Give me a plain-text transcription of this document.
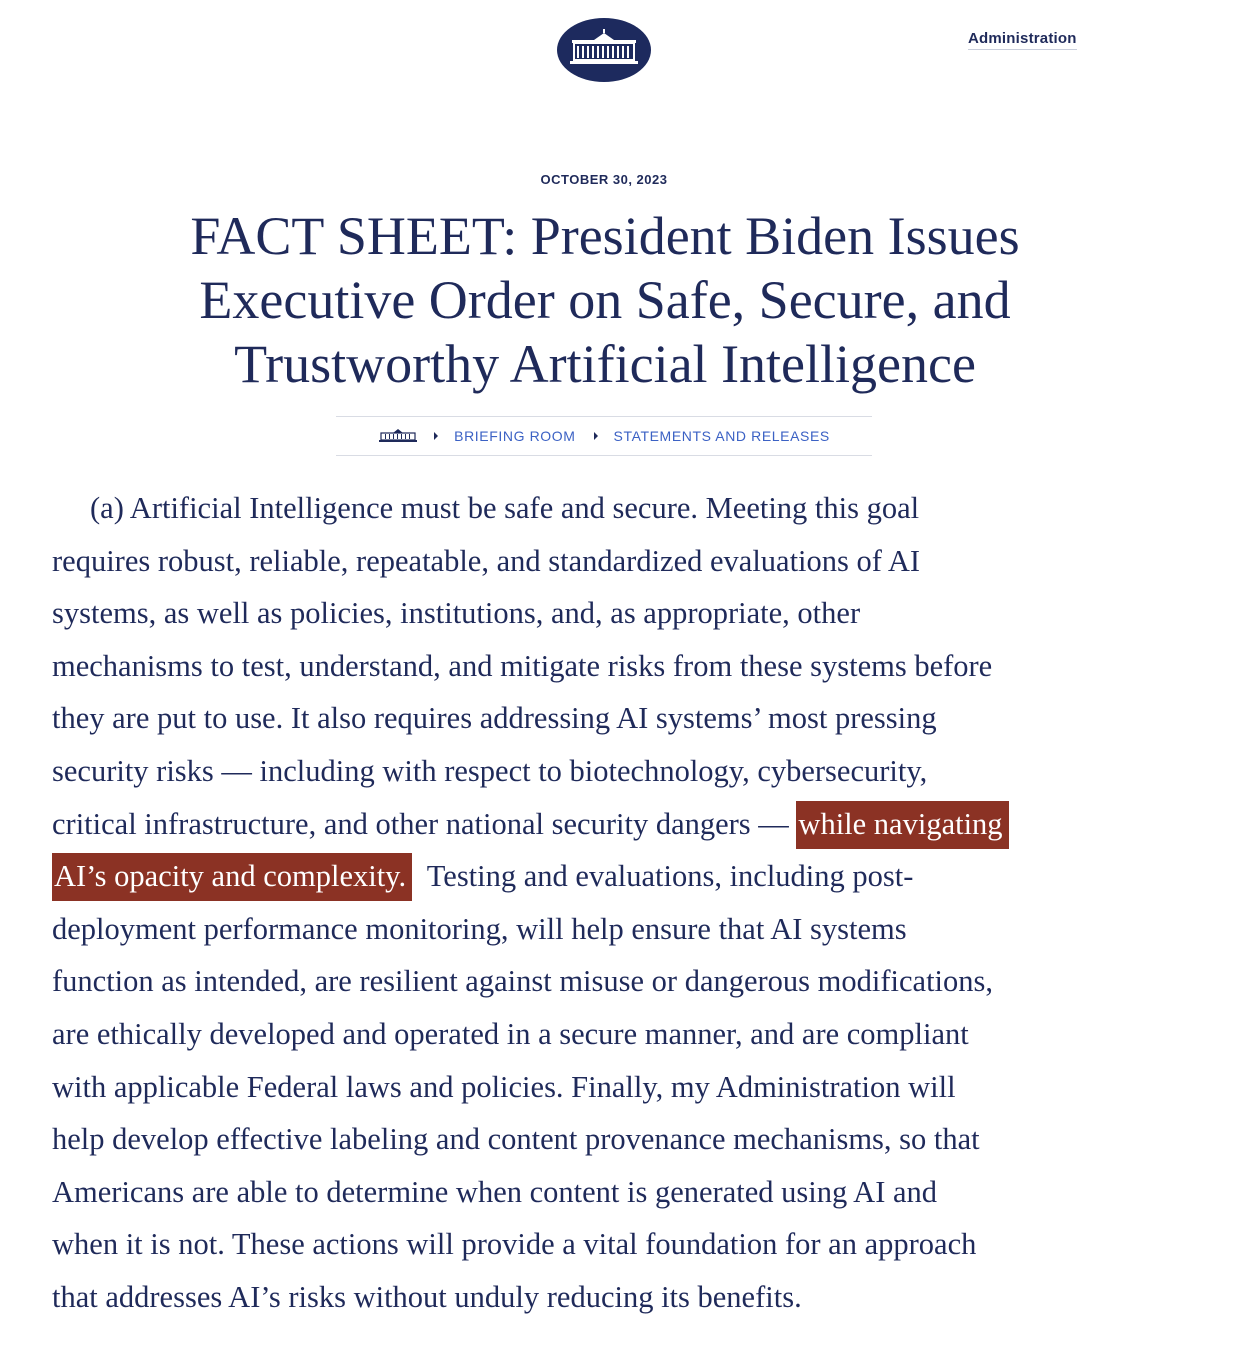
Administration
OCTOBER 30, 2023
FACT SHEET: President Biden Issues Executive Order on Safe, Secure, and Trustworthy Artificial Intelligence
BRIEFING ROOM	STATEMENTS AND RELEASES
(a) Artificial Intelligence must be safe and secure. Meeting this goal
requires robust, reliable, repeatable, and standardized evaluations of AI
systems, as well as policies, institutions, and, as appropriate, other
mechanisms to test, understand, and mitigate risks from these systems before
they are put to use. It also requires addressing AI systems’ most pressing
security risks — including with respect to biotechnology, cybersecurity,
critical infrastructure, and other national security dangers — while navigating
AI’s opacity and complexity.  Testing and evaluations, including post-
deployment performance monitoring, will help ensure that AI systems
function as intended, are resilient against misuse or dangerous modifications,
are ethically developed and operated in a secure manner, and are compliant
with applicable Federal laws and policies. Finally, my Administration will
help develop effective labeling and content provenance mechanisms, so that
Americans are able to determine when content is generated using AI and
when it is not. These actions will provide a vital foundation for an approach
that addresses AI’s risks without unduly reducing its benefits.
